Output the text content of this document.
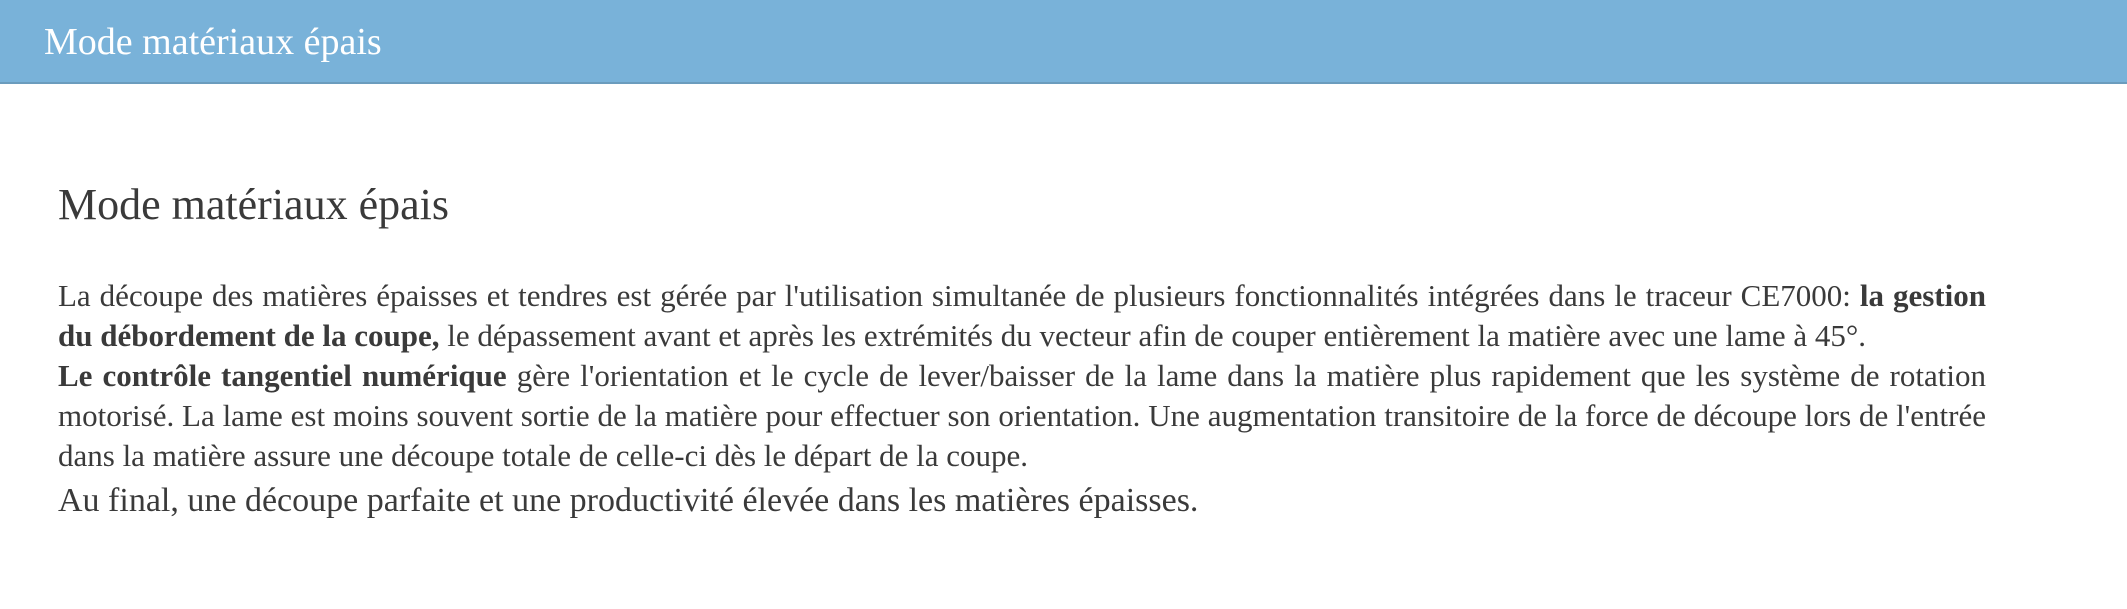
Mode matériaux épais
Mode matériaux épais

La découpe des matières épaisses et tendres est gérée par l'utilisation simultanée de plusieurs fonctionnalités intégrées dans le traceur CE7000: la gestion du débordement de la coupe, le dépassement avant et après les extrémités du vecteur afin de couper entièrement la matière avec une lame à 45°.

Le contrôle tangentiel numérique gère l'orientation et le cycle de lever/baisser de la lame dans la matière plus rapidement que les système de rotation motorisé. La lame est moins souvent sortie de la matière pour effectuer son orientation. Une augmentation transitoire de la force de découpe lors de l'entrée dans la matière assure une découpe totale de celle-ci dès le départ de la coupe.

Au final, une découpe parfaite et une productivité élevée dans les matières épaisses.
